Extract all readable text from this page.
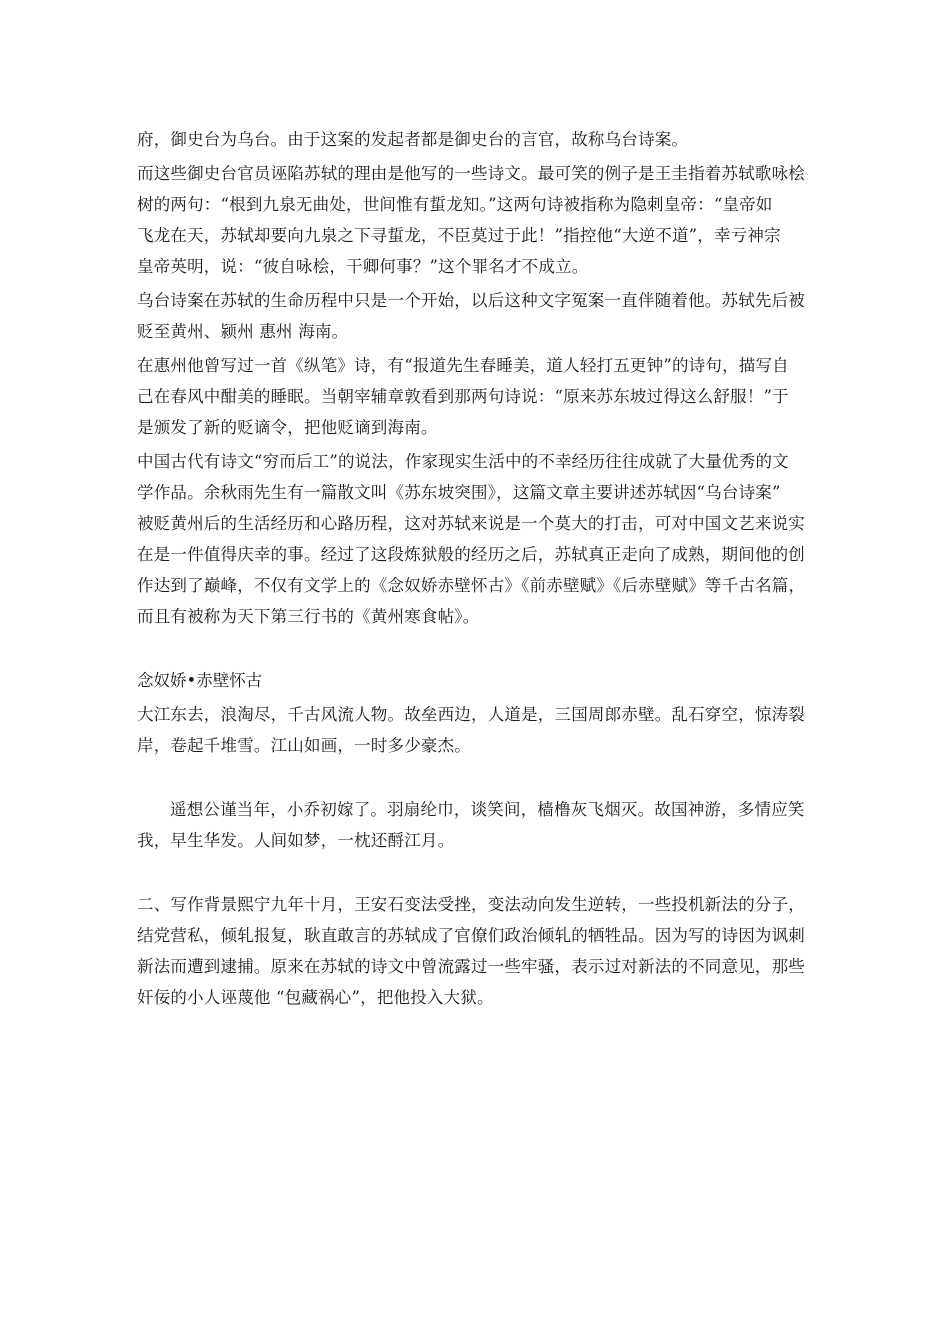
府，御史台为乌台。由于这案的发起者都是御史台的言官，故称乌台诗案。

而这些御史台官员诬陷苏轼的理由是他写的一些诗文。最可笑的例子是王圭指着苏轼歌咏桧
树的两句：“根到九泉无曲处，世间惟有蜇龙知。”这两句诗被指称为隐刺皇帝：“皇帝如
飞龙在天，苏轼却要向九泉之下寻蜇龙，不臣莫过于此！”指控他“大逆不道”，幸亏神宗
皇帝英明，说：“彼自咏桧，干卿何事？”这个罪名才不成立。

乌台诗案在苏轼的生命历程中只是一个开始，以后这种文字冤案一直伴随着他。苏轼先后被
贬至黄州、颍州 惠州 海南。

在惠州他曾写过一首《纵笔》诗，有“报道先生春睡美，道人轻打五更钟”的诗句，描写自
己在春风中酣美的睡眠。当朝宰辅章敦看到那两句诗说：“原来苏东坡过得这么舒服！”于
是颁发了新的贬谪令，把他贬谪到海南。

中国古代有诗文“穷而后工”的说法，作家现实生活中的不幸经历往往成就了大量优秀的文
学作品。余秋雨先生有一篇散文叫《苏东坡突围》，这篇文章主要讲述苏轼因“乌台诗案”
被贬黄州后的生活经历和心路历程，这对苏轼来说是一个莫大的打击，可对中国文艺来说实
在是一件值得庆幸的事。经过了这段炼狱般的经历之后，苏轼真正走向了成熟，期间他的创
作达到了巅峰，不仅有文学上的《念奴娇赤壁怀古》《前赤壁赋》《后赤壁赋》等千古名篇，
而且有被称为天下第三行书的《黄州寒食帖》。

念奴娇•赤壁怀古

大江东去，浪淘尽，千古风流人物。故垒西边，人道是，三国周郎赤壁。乱石穿空，惊涛裂
岸，卷起千堆雪。江山如画，一时多少豪杰。

遥想公谨当年，小乔初嫁了。羽扇纶巾，谈笑间，樯橹灰飞烟灭。故国神游，多情应笑
我，早生华发。人间如梦，一枕还酹江月。

二、写作背景熙宁九年十月，王安石变法受挫，变法动向发生逆转，一些投机新法的分子，
结党营私，倾轧报复，耿直敢言的苏轼成了官僚们政治倾轧的牺牲品。因为写的诗因为讽刺
新法而遭到逮捕。原来在苏轼的诗文中曾流露过一些牢骚，表示过对新法的不同意见，那些
奸佞的小人诬蔑他 “包藏祸心”，把他投入大狱。
